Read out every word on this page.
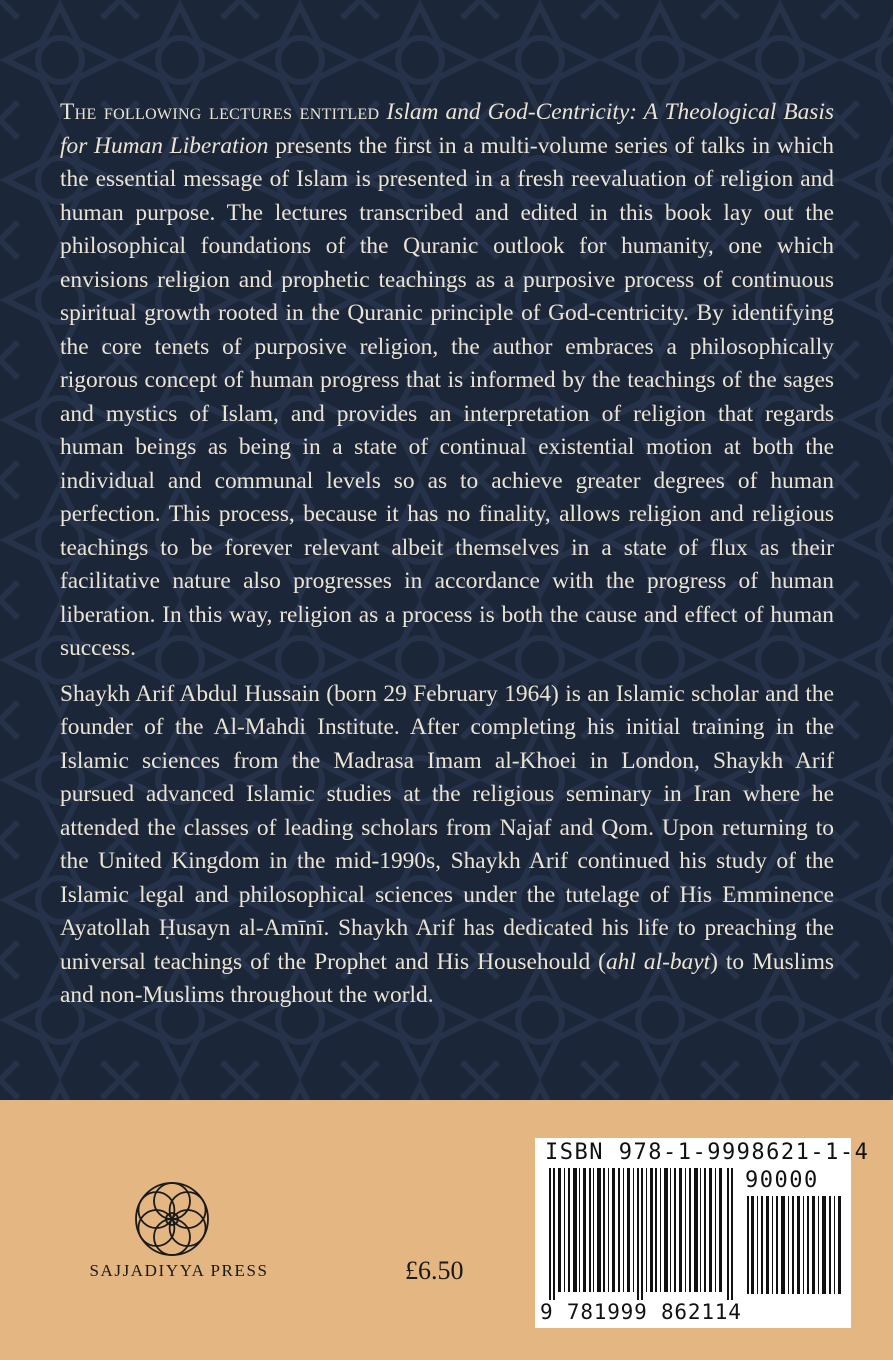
The following lectures entitled Islam and God-Centricity: A Theological Basis for Human Liberation presents the first in a multi-volume series of talks in which the essential message of Islam is presented in a fresh reevaluation of religion and human purpose. The lectures transcribed and edited in this book lay out the philosophical foundations of the Quranic outlook for humanity, one which envisions religion and prophetic teachings as a purposive process of continuous spiritual growth rooted in the Quranic principle of God-centricity. By identifying the core tenets of purposive religion, the author embraces a philosophically rigorous concept of human progress that is informed by the teachings of the sages and mystics of Islam, and provides an interpretation of religion that regards human beings as being in a state of continual existential motion at both the individual and communal levels so as to achieve greater degrees of human perfection. This process, because it has no finality, allows religion and religious teachings to be forever relevant albeit themselves in a state of flux as their facilitative nature also progresses in accordance with the progress of human liberation. In this way, religion as a process is both the cause and effect of human success.

Shaykh Arif Abdul Hussain (born 29 February 1964) is an Islamic scholar and the founder of the Al-Mahdi Institute. After completing his initial training in the Islamic sciences from the Madrasa Imam al-Khoei in London, Shaykh Arif pursued advanced Islamic studies at the religious seminary in Iran where he attended the classes of leading scholars from Najaf and Qom. Upon returning to the United Kingdom in the mid-1990s, Shaykh Arif continued his study of the Islamic legal and philosophical sciences under the tutelage of His Emminence Ayatollah Ḥusayn al-Amīnī. Shaykh Arif has dedicated his life to preaching the universal teachings of the Prophet and His Househould (ahl al-bayt) to Muslims and non-Muslims throughout the world.

SAJJADIYYA PRESS	£6.50
ISBN 978-1-9998621-1-4
90000
9 781999 862114
